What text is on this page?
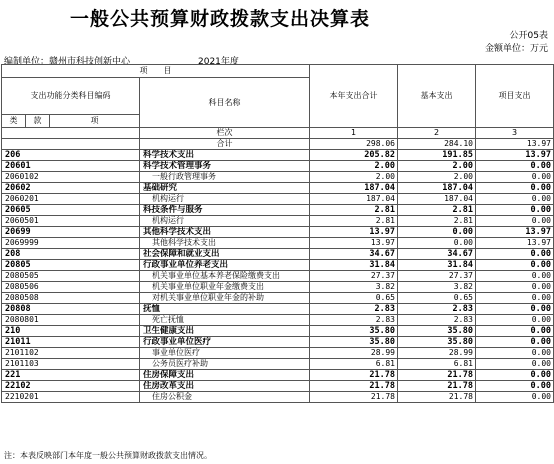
一般公共预算财政拨款支出决算表
公开05表
金额单位：万元
编制单位：赣州市科技创新中心	2021年度
项　　目				本年支出合计	基本支出	项目支出
支出功能分类科目编码			科目名称			

类	款	项				
			栏次	1	2	3
			合计	298.06	284.10	13.97
206			科学技术支出	205.82	191.85	13.97
20601			科学技术管理事务	2.00	2.00	0.00
2060102			一般行政管理事务	2.00	2.00	0.00
20602			基础研究	187.04	187.04	0.00
2060201			机构运行	187.04	187.04	0.00
20605			科技条件与服务	2.81	2.81	0.00
2060501			机构运行	2.81	2.81	0.00
20699			其他科学技术支出	13.97	0.00	13.97
2069999			其他科学技术支出	13.97	0.00	13.97
208			社会保障和就业支出	34.67	34.67	0.00
20805			行政事业单位养老支出	31.84	31.84	0.00
2080505			机关事业单位基本养老保险缴费支出	27.37	27.37	0.00
2080506			机关事业单位职业年金缴费支出	3.82	3.82	0.00
2080508			对机关事业单位职业年金的补助	0.65	0.65	0.00
20808			抚恤	2.83	2.83	0.00
2080801			死亡抚恤	2.83	2.83	0.00
210			卫生健康支出	35.80	35.80	0.00
21011			行政事业单位医疗	35.80	35.80	0.00
2101102			事业单位医疗	28.99	28.99	0.00
2101103			公务员医疗补助	6.81	6.81	0.00
221			住房保障支出	21.78	21.78	0.00
22102			住房改革支出	21.78	21.78	0.00
2210201			住房公积金	21.78	21.78	0.00
注：本表反映部门本年度一般公共预算财政拨款支出情况。
